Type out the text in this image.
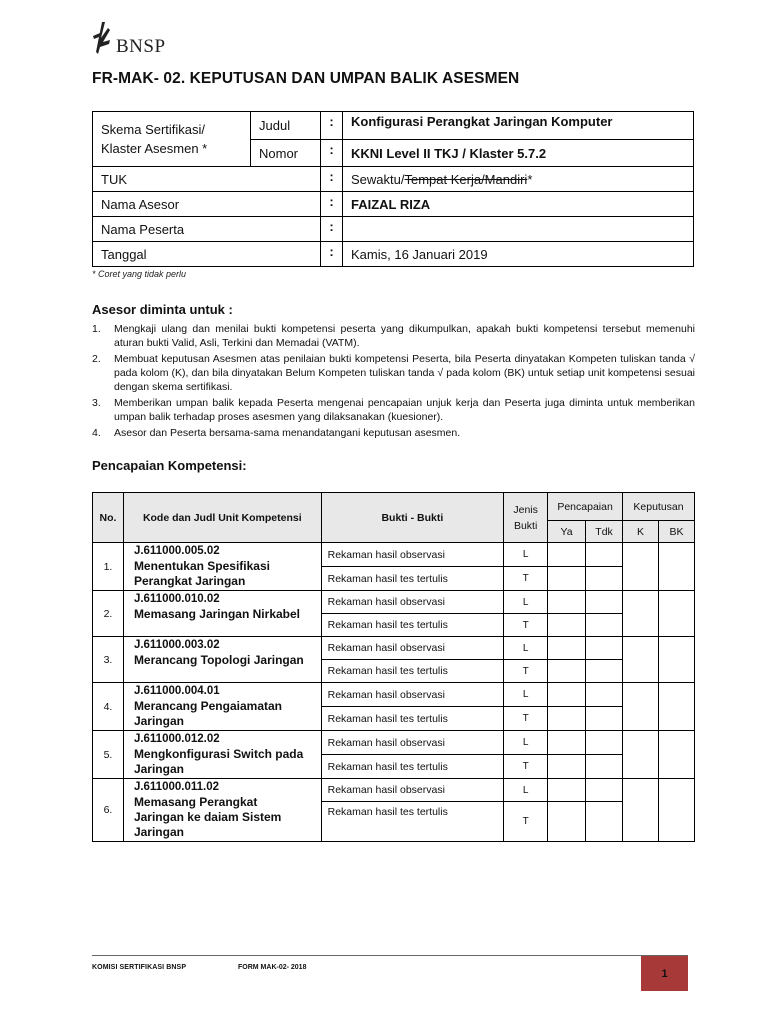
BNSP
FR-MAK- 02. KEPUTUSAN DAN UMPAN BALIK ASESMEN
Skema Sertifikasi/ Klaster Asesmen *	Judul	:	Konfigurasi Perangkat Jaringan Komputer
	Nomor	:	KKNI Level II TKJ / Klaster 5.7.2
TUK		:	Sewaktu/Tempat Kerja/Mandiri*
Nama Asesor		:	FAIZAL RIZA
Nama Peserta		:	
Tanggal		:	Kamis, 16 Januari 2019
* Coret yang tidak perlu
Asesor diminta untuk :
1.	Mengkaji ulang dan menilai bukti kompetensi peserta yang dikumpulkan, apakah bukti kompetensi tersebut memenuhi aturan bukti Valid, Asli, Terkini dan Memadai (VATM).
2.	Membuat keputusan Asesmen atas penilaian bukti kompetensi Peserta, bila Peserta dinyatakan Kompeten tuliskan tanda √ pada kolom (K), dan bila dinyatakan Belum Kompeten tuliskan tanda √ pada kolom (BK) untuk setiap unit kompetensi sesuai dengan skema sertifikasi.
3.	Memberikan umpan balik kepada Peserta mengenai pencapaian unjuk kerja dan Peserta juga diminta untuk memberikan umpan balik terhadap proses asesmen yang dilaksanakan (kuesioner).
4.	Asesor dan Peserta bersama-sama menandatangani keputusan asesmen.
Pencapaian Kompetensi:
No.	Kode dan Judl Unit Kompetensi	Bukti - Bukti	Jenis Bukti	Pencapaian		Keputusan	
				Ya	Tdk	K	BK
1.	J.611000.005.02
Menentukan Spesifikasi Perangkat Jaringan	Rekaman hasil observasi	L				
		Rekaman hasil tes tertulis	T				
2.	J.611000.010.02
Memasang Jaringan Nirkabel	Rekaman hasil observasi	L				
		Rekaman hasil tes tertulis	T				
3.	J.611000.003.02
Merancang Topologi Jaringan	Rekaman hasil observasi	L				
		Rekaman hasil tes tertulis	T				
4.	J.611000.004.01
Merancang Pengaiamatan Jaringan	Rekaman hasil observasi	L				
		Rekaman hasil tes tertulis	T				
5.	J.611000.012.02
Mengkonfigurasi Switch pada Jaringan	Rekaman hasil observasi	L				
		Rekaman hasil tes tertulis	T				
6.	J.611000.011.02
Memasang Perangkat Jaringan ke daiam Sistem Jaringan	Rekaman hasil observasi	L				
		Rekaman hasil tes tertulis	T				
KOMISI SERTIFIKASI BNSP	FORM MAK-02- 2018	1
